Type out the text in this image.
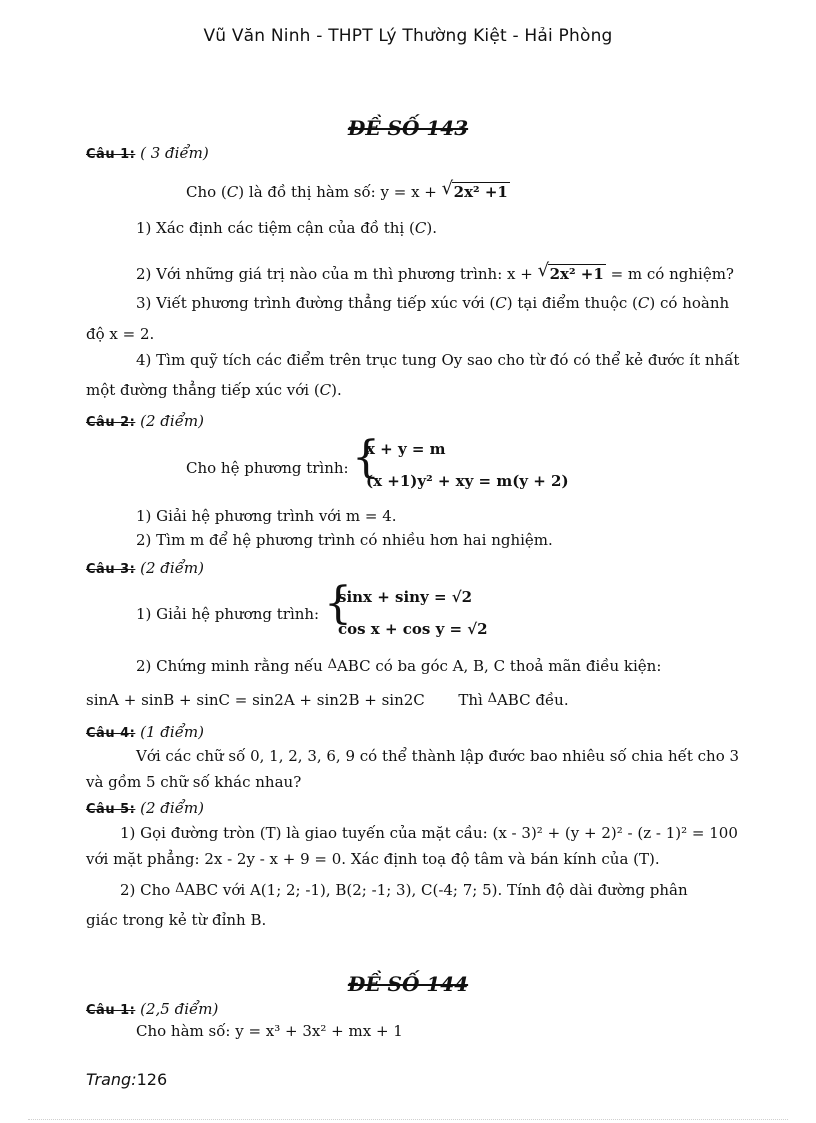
Vũ Văn Ninh - THPT Lý Thường Kiệt - Hải Phòng
ĐỀ SỐ 143
Câu 1: ( 3 điểm)
Cho (C) là đồ thị hàm số: y = x + √ 2x² +1
1) Xác định các tiệm cận của đồ thị (C).
2) Với những giá trị nào của m thì phương trình: x + √ 2x² +1 = m có nghiệm?
3) Viết phương trình đường thẳng tiếp xúc với (C) tại điểm thuộc (C) có hoành
độ x = 2.
4) Tìm quỹ tích các điểm trên trục tung Oy sao cho từ đó có thể kẻ đước ít nhất
một đường thẳng tiếp xúc với (C).
Câu 2: (2 điểm)
Cho hệ phương trình: {
x + y = m
(x +1)y² + xy = m(y + 2)
1) Giải hệ phương trình với m = 4.
2) Tìm m để hệ phương trình có nhiều hơn hai nghiệm.
Câu 3: (2 điểm)
1) Giải hệ phương trình: {
sinx + siny = √2
cos x + cos y = √2
2) Chứng minh rằng nếu ΔABC có ba góc A, B, C thoả mãn điều kiện:
sinA + sinB + sinC = sin2A + sin2B + sin2C Thì ΔABC đều.
Câu 4: (1 điểm)
Với các chữ số 0, 1, 2, 3, 6, 9 có thể thành lập đước bao nhiêu số chia hết cho 3
và gồm 5 chữ số khác nhau?
Câu 5: (2 điểm)
1) Gọi đường tròn (T) là giao tuyến của mặt cầu: (x - 3)² + (y + 2)² - (z - 1)² = 100
với mặt phẳng: 2x - 2y - x + 9 = 0. Xác định toạ độ tâm và bán kính của (T).
2) Cho ΔABC với A(1; 2; -1), B(2; -1; 3), C(-4; 7; 5). Tính độ dài đường phân
giác trong kẻ từ đỉnh B.
ĐỀ SỐ 144
Câu 1: (2,5 điểm)
Cho hàm số: y = x³ + 3x² + mx + 1
Trang:126
